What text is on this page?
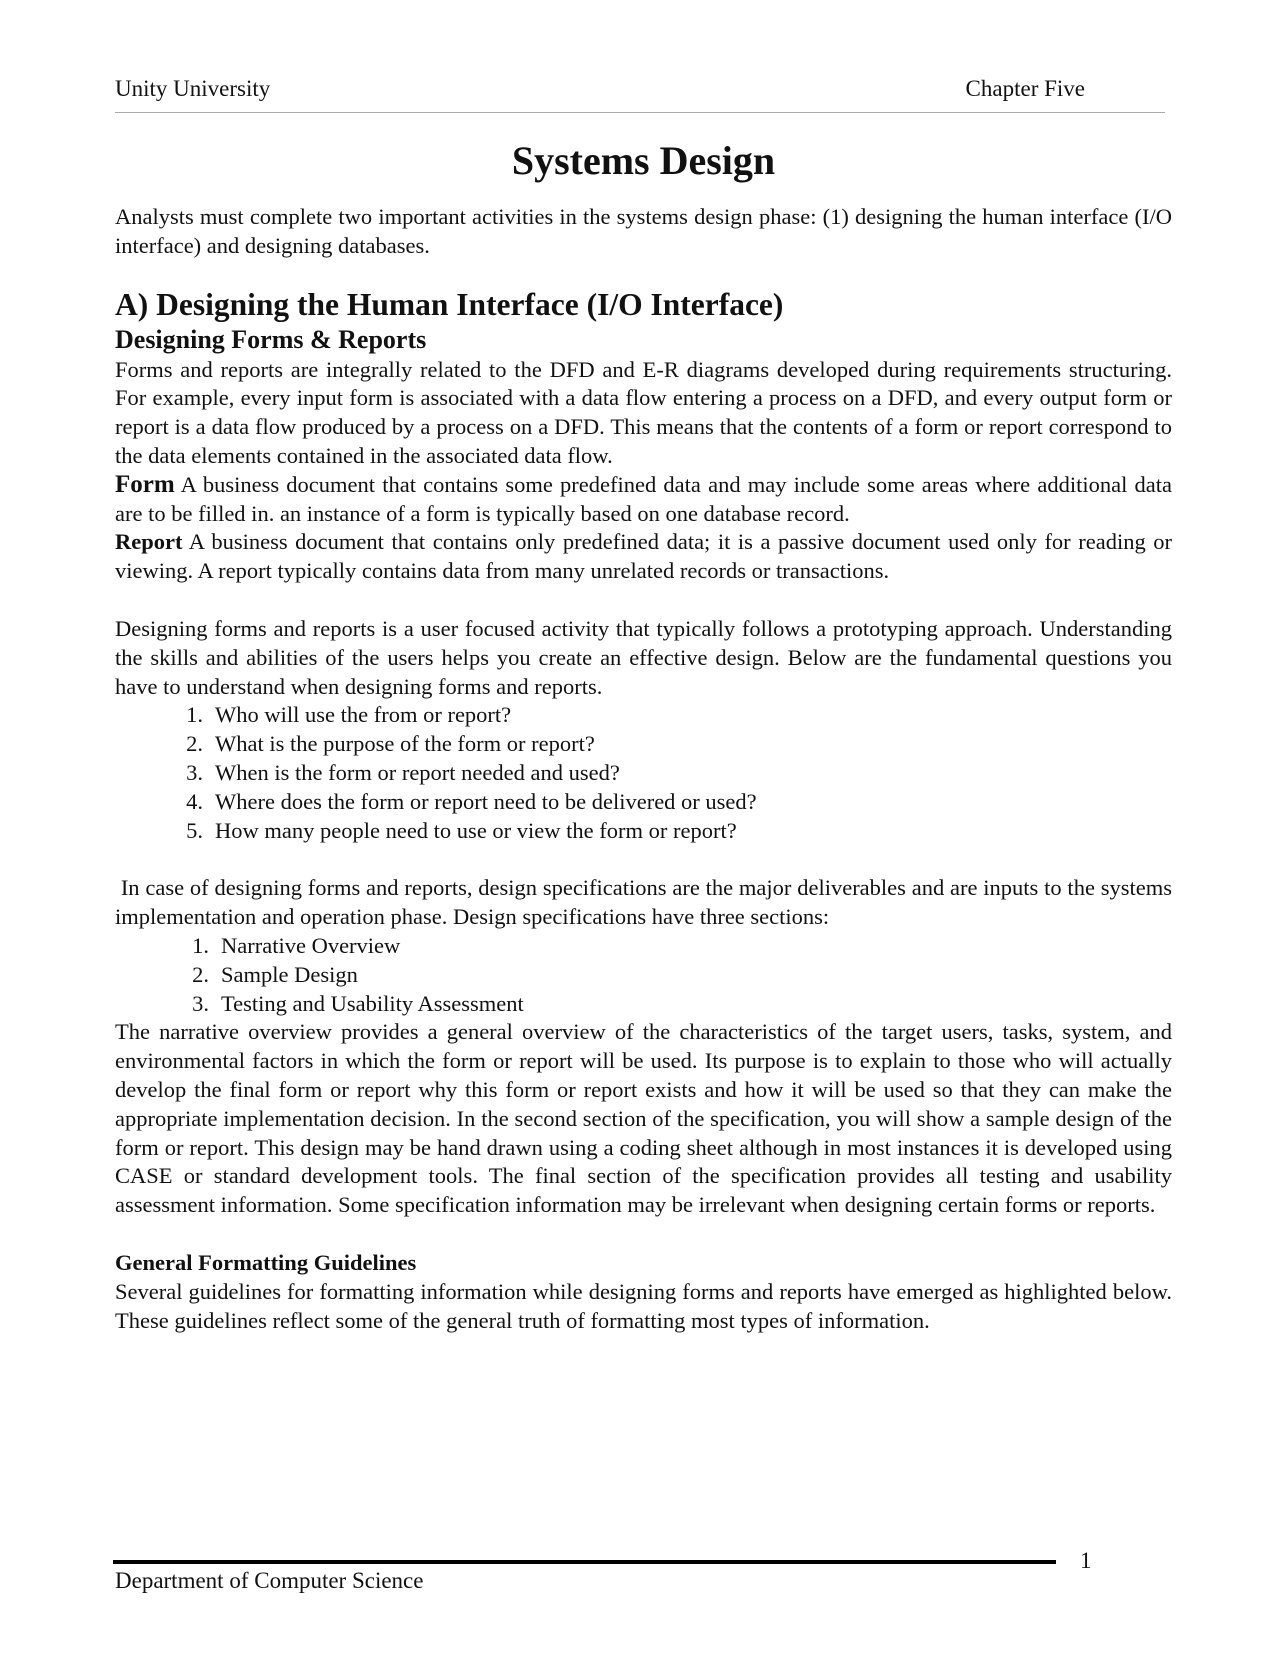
Unity University	Chapter Five
Systems Design

Analysts must complete two important activities in the systems design phase: (1) designing the human interface (I/O interface) and designing databases.

A) Designing the Human Interface (I/O Interface)
Designing Forms & Reports

Forms and reports are integrally related to the DFD and E-R diagrams developed during requirements structuring. For example, every input form is associated with a data flow entering a process on a DFD, and every output form or report is a data flow produced by a process on a DFD. This means that the contents of a form or report correspond to the data elements contained in the associated data flow.

Form A business document that contains some predefined data and may include some areas where additional data are to be filled in. an instance of a form is typically based on one database record.

Report A business document that contains only predefined data; it is a passive document used only for reading or viewing. A report typically contains data from many unrelated records or transactions.

Designing forms and reports is a user focused activity that typically follows a prototyping approach. Understanding the skills and abilities of the users helps you create an effective design. Below are the fundamental questions you have to understand when designing forms and reports.

1. Who will use the from or report?
2. What is the purpose of the form or report?
3. When is the form or report needed and used?
4. Where does the form or report need to be delivered or used?
5. How many people need to use or view the form or report?

In case of designing forms and reports, design specifications are the major deliverables and are inputs to the systems implementation and operation phase. Design specifications have three sections:

1. Narrative Overview
2. Sample Design
3. Testing and Usability Assessment

The narrative overview provides a general overview of the characteristics of the target users, tasks, system, and environmental factors in which the form or report will be used. Its purpose is to explain to those who will actually develop the final form or report why this form or report exists and how it will be used so that they can make the appropriate implementation decision. In the second section of the specification, you will show a sample design of the form or report. This design may be hand drawn using a coding sheet although in most instances it is developed using CASE or standard development tools. The final section of the specification provides all testing and usability assessment information. Some specification information may be irrelevant when designing certain forms or reports.

General Formatting Guidelines

Several guidelines for formatting information while designing forms and reports have emerged as highlighted below. These guidelines reflect some of the general truth of formatting most types of information.

1
Department of Computer Science
